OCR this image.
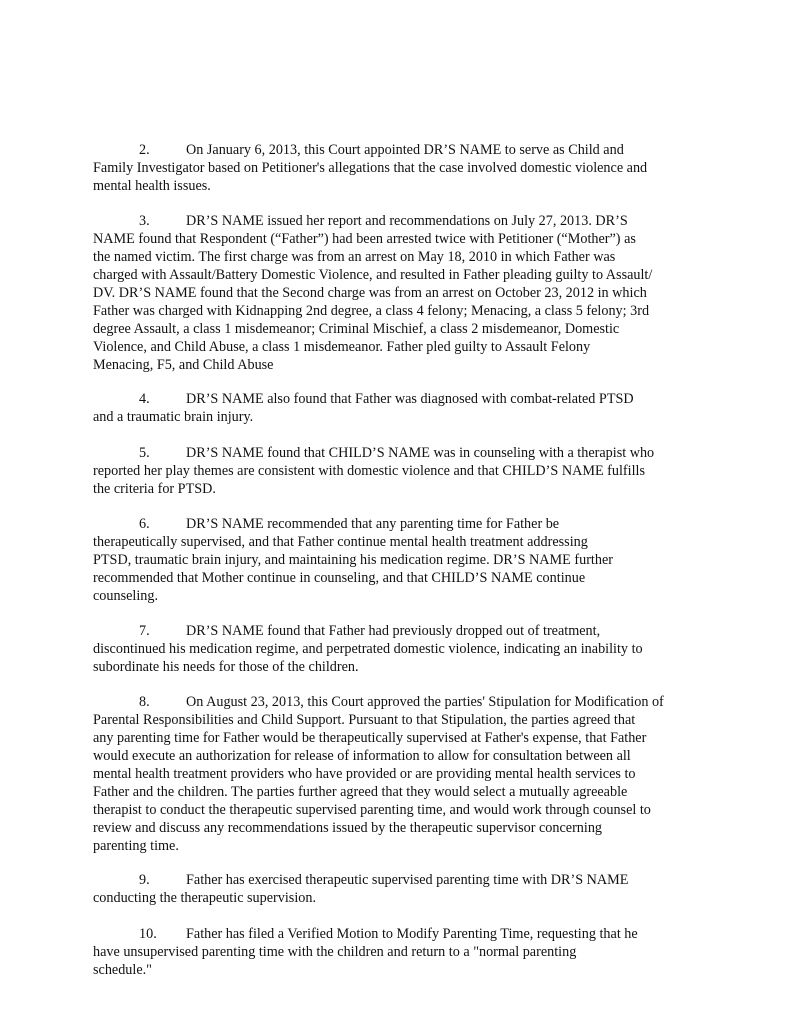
2.	On January 6, 2013, this Court appointed DR’S NAME to serve as Child and
Family Investigator based on Petitioner's allegations that the case involved domestic violence and
mental health issues.
3.	DR’S NAME issued her report and recommendations on July 27, 2013. DR’S
NAME found that Respondent (“Father”) had been arrested twice with Petitioner (“Mother”) as
the named victim. The first charge was from an arrest on May 18, 2010 in which Father was
charged with Assault/Battery Domestic Violence, and resulted in Father pleading guilty to Assault/
DV. DR’S NAME found that the Second charge was from an arrest on October 23, 2012 in which
Father was charged with Kidnapping 2nd degree, a class 4 felony; Menacing, a class 5 felony; 3rd
degree Assault, a class 1 misdemeanor; Criminal Mischief, a class 2 misdemeanor, Domestic
Violence, and Child Abuse, a class 1 misdemeanor. Father pled guilty to Assault Felony
Menacing, F5, and Child Abuse
4.	DR’S NAME also found that Father was diagnosed with combat-related PTSD
and a traumatic brain injury.
5.	DR’S NAME found that CHILD’S NAME was in counseling with a therapist who
reported her play themes are consistent with domestic violence and that CHILD’S NAME fulfills
the criteria for PTSD.
6.	DR’S NAME recommended that any parenting time for Father be
therapeutically supervised, and that Father continue mental health treatment addressing
PTSD, traumatic brain injury, and maintaining his medication regime. DR’S NAME further
recommended that Mother continue in counseling, and that CHILD’S NAME continue
counseling.
7.	DR’S NAME found that Father had previously dropped out of treatment,
discontinued his medication regime, and perpetrated domestic violence, indicating an inability to
subordinate his needs for those of the children.
8.	On August 23, 2013, this Court approved the parties' Stipulation for Modification of
Parental Responsibilities and Child Support. Pursuant to that Stipulation, the parties agreed that
any parenting time for Father would be therapeutically supervised at Father's expense, that Father
would execute an authorization for release of information to allow for consultation between all
mental health treatment providers who have provided or are providing mental health services to
Father and the children. The parties further agreed that they would select a mutually agreeable
therapist to conduct the therapeutic supervised parenting time, and would work through counsel to
review and discuss any recommendations issued by the therapeutic supervisor concerning
parenting time.
9.	Father has exercised therapeutic supervised parenting time with DR’S NAME
conducting the therapeutic supervision.
10. Father has filed a Verified Motion to Modify Parenting Time, requesting that he
have unsupervised parenting time with the children and return to a "normal parenting
schedule."
